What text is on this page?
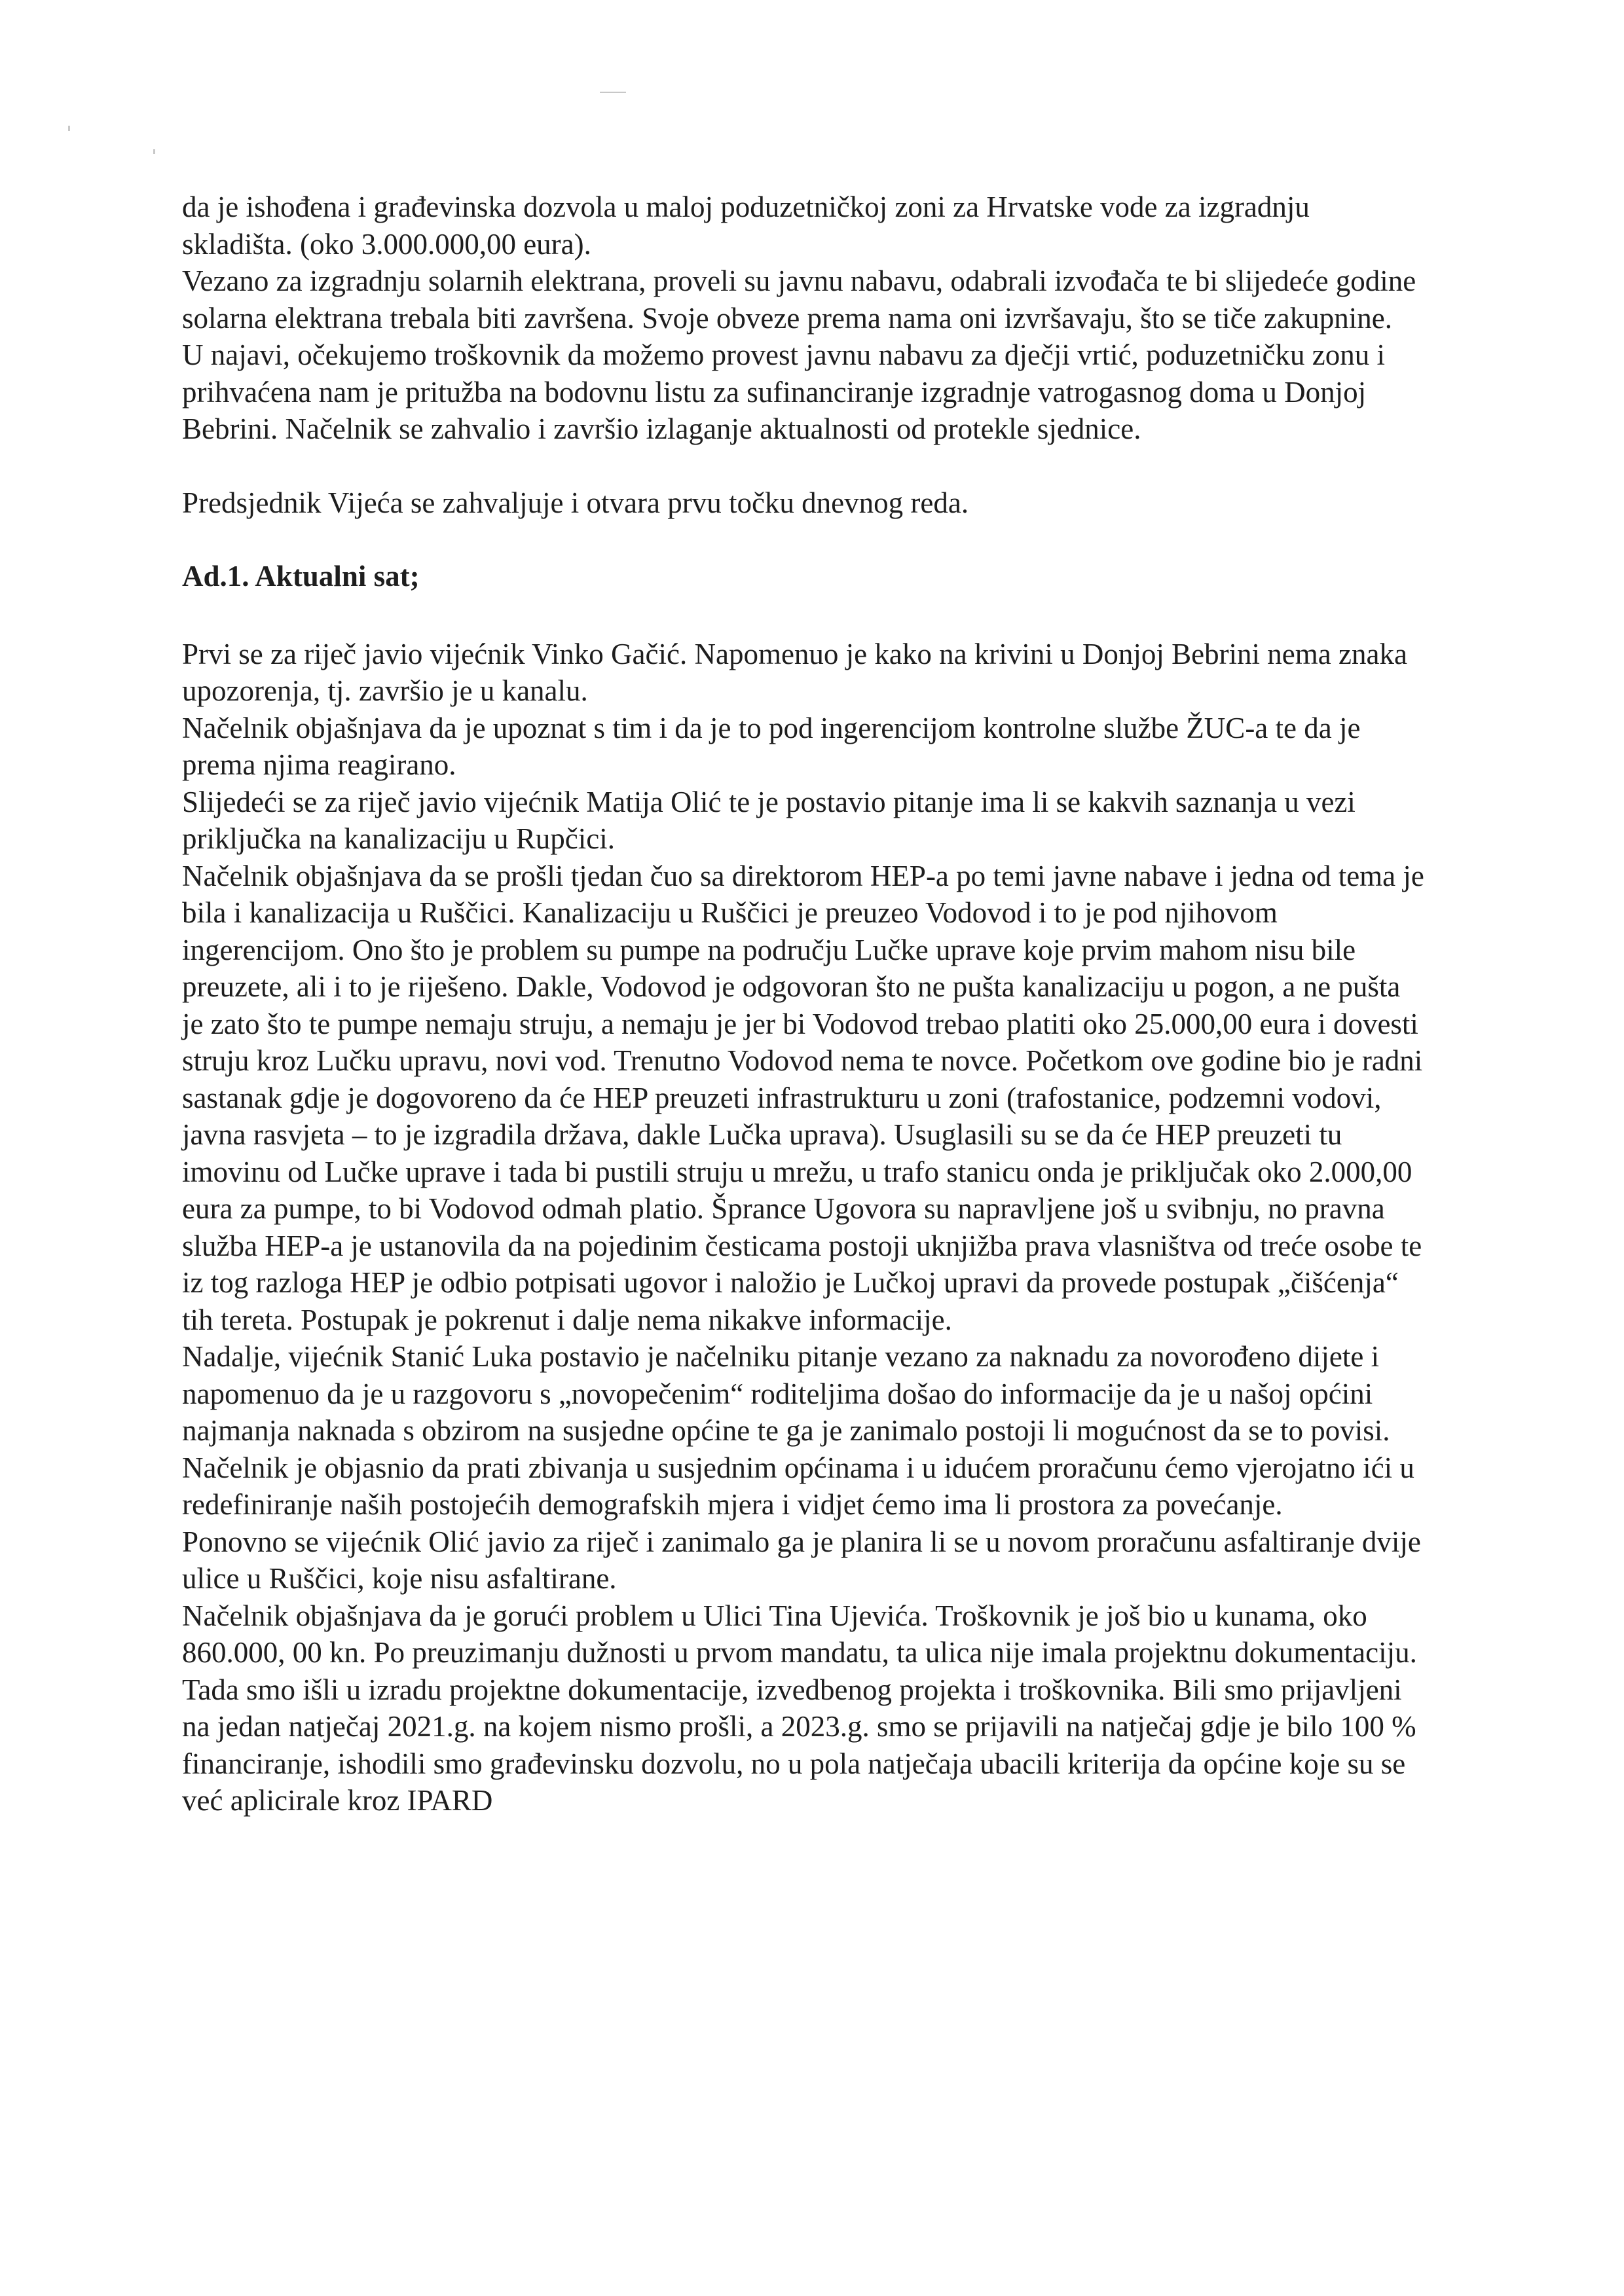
da je ishođena i građevinska dozvola u maloj poduzetničkoj zoni za Hrvatske vode za izgradnju skladišta. (oko 3.000.000,00 eura).

Vezano za izgradnju solarnih elektrana, proveli su javnu nabavu, odabrali izvođača te bi slijedeće godine solarna elektrana trebala biti završena. Svoje obveze prema nama oni izvršavaju, što se tiče zakupnine.

U najavi, očekujemo troškovnik da možemo provest javnu nabavu za dječji vrtić, poduzetničku zonu i prihvaćena nam je pritužba na bodovnu listu za sufinanciranje izgradnje vatrogasnog doma u Donjoj Bebrini. Načelnik se zahvalio i završio izlaganje aktualnosti od protekle sjednice.

Predsjednik Vijeća se zahvaljuje i otvara prvu točku dnevnog reda.

Ad.1. Aktualni sat;

Prvi se za riječ javio vijećnik Vinko Gačić. Napomenuo je kako na krivini u Donjoj Bebrini nema znaka upozorenja, tj. završio je u kanalu.

Načelnik objašnjava da je upoznat s tim i da je to pod ingerencijom kontrolne službe ŽUC-a te da je prema njima reagirano.

Slijedeći se za riječ javio vijećnik Matija Olić te je postavio pitanje ima li se kakvih saznanja u vezi priključka na kanalizaciju u Rupčici.

Načelnik objašnjava da se prošli tjedan čuo sa direktorom HEP-a po temi javne nabave i jedna od tema je bila i kanalizacija u Ruščici. Kanalizaciju u Ruščici je preuzeo Vodovod i to je pod njihovom ingerencijom. Ono što je problem su pumpe na području Lučke uprave koje prvim mahom nisu bile preuzete, ali i to je riješeno. Dakle, Vodovod je odgovoran što ne pušta kanalizaciju u pogon, a ne pušta je zato što te pumpe nemaju struju, a nemaju je jer bi Vodovod trebao platiti oko 25.000,00 eura i dovesti struju kroz Lučku upravu, novi vod. Trenutno Vodovod nema te novce. Početkom ove godine bio je radni sastanak gdje je dogovoreno da će HEP preuzeti infrastrukturu u zoni (trafostanice, podzemni vodovi, javna rasvjeta – to je izgradila država, dakle Lučka uprava). Usuglasili su se da će HEP preuzeti tu imovinu od Lučke uprave i tada bi pustili struju u mrežu, u trafo stanicu onda je priključak oko 2.000,00 eura za pumpe, to bi Vodovod odmah platio. Šprance Ugovora su napravljene još u svibnju, no pravna služba HEP-a je ustanovila da na pojedinim česticama postoji uknjižba prava vlasništva od treće osobe te iz tog razloga HEP je odbio potpisati ugovor i naložio je Lučkoj upravi da provede postupak „čišćenja“ tih tereta. Postupak je pokrenut i dalje nema nikakve informacije.

Nadalje, vijećnik Stanić Luka postavio je načelniku pitanje vezano za naknadu za novorođeno dijete i napomenuo da je u razgovoru s „novopečenim“ roditeljima došao do informacije da je u našoj općini najmanja naknada s obzirom na susjedne općine te ga je zanimalo postoji li mogućnost da se to povisi.

Načelnik je objasnio da prati zbivanja u susjednim općinama i u idućem proračunu ćemo vjerojatno ići u redefiniranje naših postojećih demografskih mjera i vidjet ćemo ima li prostora za povećanje.

Ponovno se vijećnik Olić javio za riječ i zanimalo ga je planira li se u novom proračunu asfaltiranje dvije ulice u Ruščici, koje nisu asfaltirane.

Načelnik objašnjava da je gorući problem u Ulici Tina Ujevića. Troškovnik je još bio u kunama, oko 860.000, 00 kn. Po preuzimanju dužnosti u prvom mandatu, ta ulica nije imala projektnu dokumentaciju. Tada smo išli u izradu projektne dokumentacije, izvedbenog projekta i troškovnika. Bili smo prijavljeni na jedan natječaj 2021.g. na kojem nismo prošli, a 2023.g. smo se prijavili na natječaj gdje je bilo 100 % financiranje, ishodili smo građevinsku dozvolu, no u pola natječaja ubacili kriterija da općine koje su se već aplicirale kroz IPARD
